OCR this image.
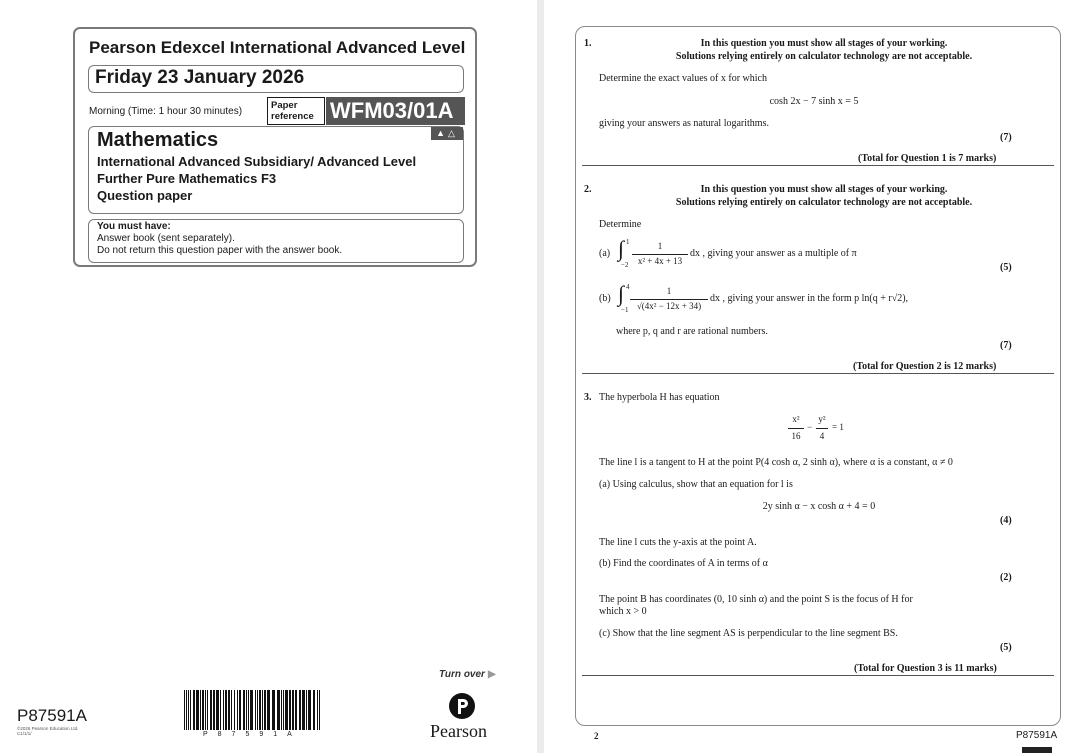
Pearson Edexcel International Advanced Level
Friday 23 January 2026
Morning (Time: 1 hour 30 minutes)
Paper reference WFM03/01A
▲△
Mathematics
International Advanced Subsidiary/ Advanced Level
Further Pure Mathematics F3
Question paper
You must have:
Answer book (sent separately).
Do not return this question paper with the answer book.
Turn over ▶
P87591A
©2026 Pearson Education Ltd.
C1/1/1/	P87591A	Pearson
1.	In this question you must show all stages of your working.
Solutions relying entirely on calculator technology are not acceptable.
Determine the exact values of x for which
cosh 2x − 7 sinh x = 5
giving your answers as natural logarithms.
(7)
(Total for Question 1 is 7 marks)
2.	In this question you must show all stages of your working.
Solutions relying entirely on calculator technology are not acceptable.
Determine
(a) ∫ 1
−2
1
x² + 4x + 13
dx , giving your answer as a multiple of π
(5)
(b) ∫ 4
−1
1
√(4x² − 12x + 34)
dx , giving your answer in the form p ln(q + r√2),
where p, q and r are rational numbers.
(7)
(Total for Question 2 is 12 marks)
3. The hyperbola H has equation
x²
16
−
y²
4
= 1
The line l is a tangent to H at the point P(4 cosh α, 2 sinh α), where α is a constant, α ≠ 0
(a) Using calculus, show that an equation for l is
2y sinh α − x cosh α + 4 = 0
(4)
The line l cuts the y-axis at the point A.
(b) Find the coordinates of A in terms of α
(2)
The point B has coordinates (0, 10 sinh α) and the point S is the focus of H for
which x > 0
(c) Show that the line segment AS is perpendicular to the line segment BS.
(5)
(Total for Question 3 is 11 marks)
2	P87591A
